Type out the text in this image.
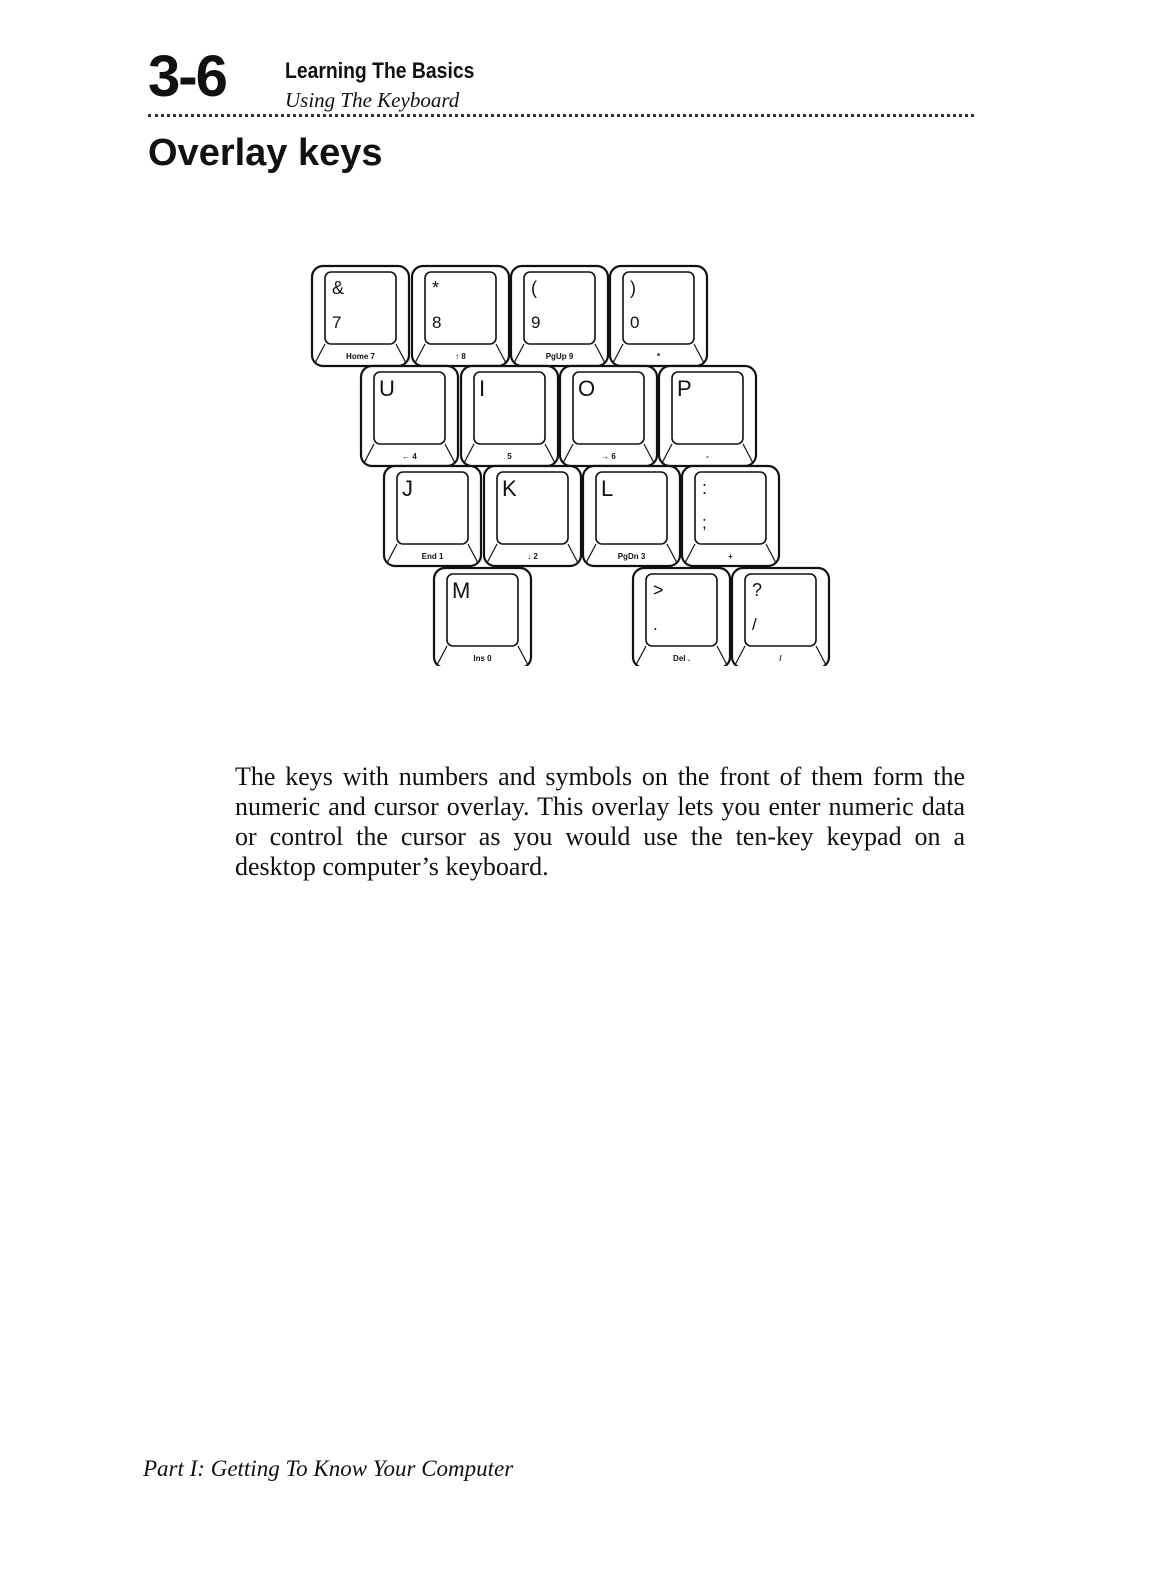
3-6	Learning The Basics
Using The Keyboard
Overlay keys
&
7
Home 7
*
8
↑ 8
(
9
PgUp 9
)
0
*
U
← 4
I
5
O
→ 6
P
-
J
End 1
K
↓ 2
L
PgDn 3
:
;
+
M
Ins 0
>
.
Del .
?
/
/

The keys with numbers and symbols on the front of them form the numeric and cursor overlay. This overlay lets you enter numeric data or control the cursor as you would use the ten-key keypad on a desktop computer’s keyboard.

Part I: Getting To Know Your Computer
